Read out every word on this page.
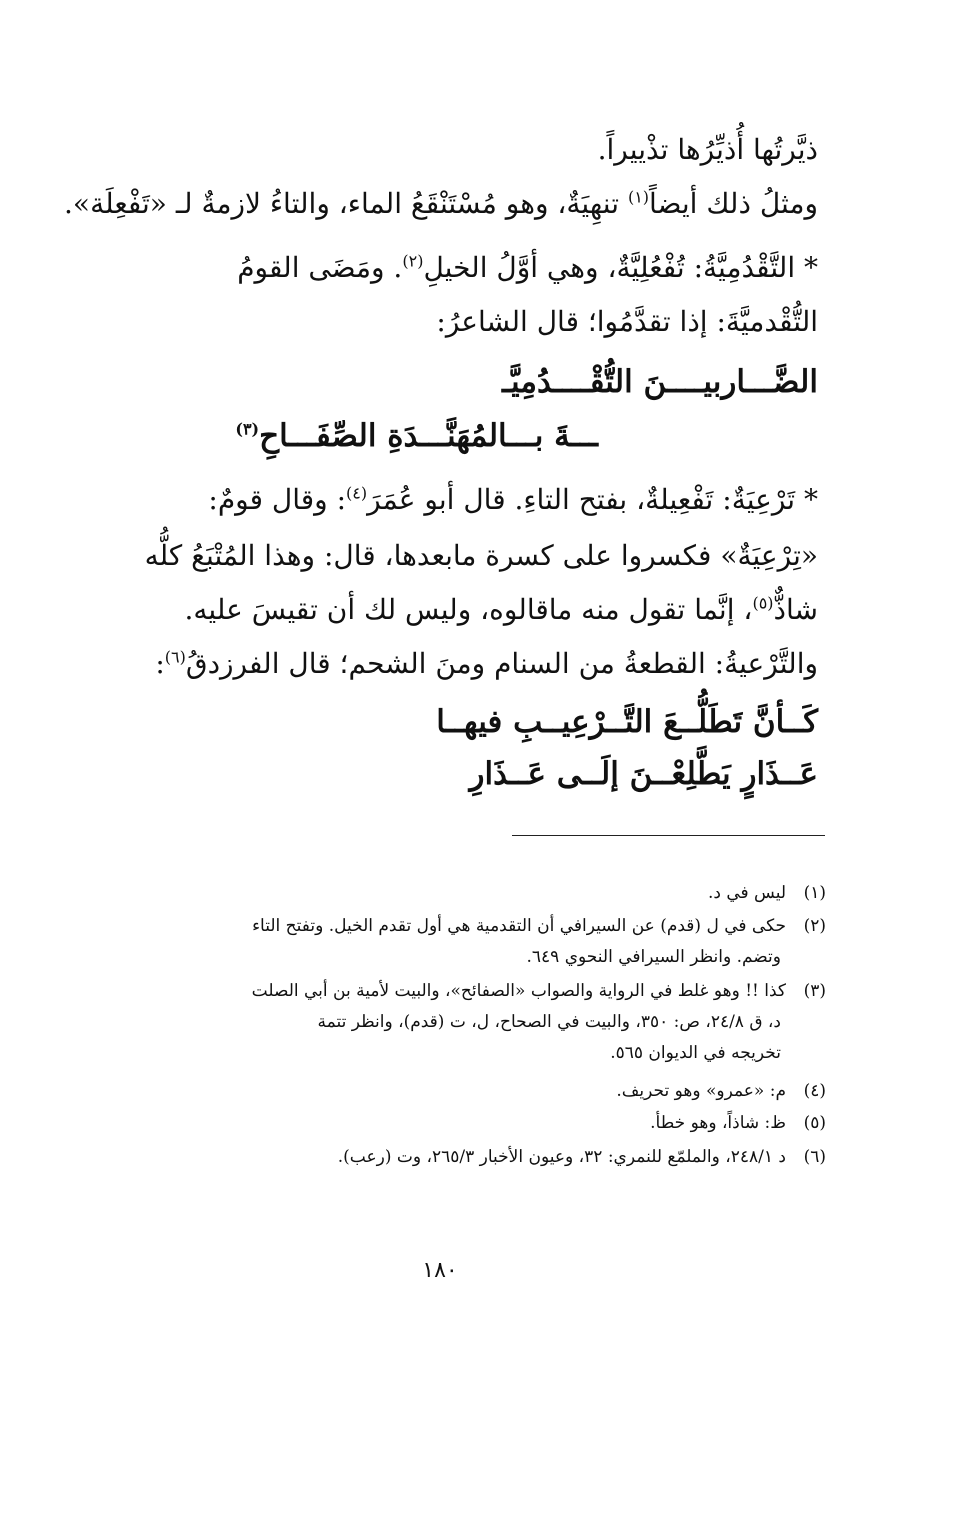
ذيَّرتُها أُذيِّرُها تذْييراً.
ومثلُ ذلك أيضاً$^{(١)}$ تنهِيَةٌ، وهو مُسْتَنْقَعُ الماء، والتاءُ لازمةٌ لـ «تَفْعِلَة».
* التَّقْدُمِيَّةُ: تُفْعُلِيَّةٌ، وهي أوَّلُ الخيلِ$^{(٢)}$. ومَضَى القومُ
التُّقْدميَّةَ: إذا تقدَّمُوا؛ قال الشاعرُ:
الضَّـــاربيــــنَ التُّقْــــدُمِيَّـ
ـــةَ بـــالمُهَنَّـــدَةِ الصِّفَـــاحِ$^{(٣)}$
* تَرْعِيَةٌ: تَفْعِيلةٌ، بفتح التاءِ. قال أبو عُمَرَ$^{(٤)}$: وقال قومٌ:
«تِرْعِيَةٌ» فكسروا على كسرة مابعدها، قال: وهذا المُتْبَعُ كلُّه
شاذٌّ$^{(٥)}$، إنَّما تقول منه ماقالوه، وليس لك أن تقيسَ عليه.
والتَّرْعيةُ: القطعةُ من السنام ومنَ الشحم؛ قال الفرزدقُ$^{(٦)}$:
كَــأنَّ تَطَلُّــعَ التَّــرْعِيــبِ فيهــا
عَــذَارٍ يَطَّلِعْــنَ إلَــى عَــذَارِ
(١)ليس في د.
(٢)حكى في ل (قدم) عن السيرافي أن التقدمية هي أول تقدم الخيل. وتفتح التاء
وتضم. وانظر السيرافي النحوي ٦٤٩.
(٣)كذا !! وهو غلط في الرواية والصواب «الصفائح»، والبيت لأمية بن أبي الصلت
د، ق ٢٤/٨، ص: ٣٥٠، والبيت في الصحاح، ل، ت (قدم)، وانظر تتمة
تخريجه في الديوان ٥٦٥.
(٤)م: «عمرو» وهو تحريف.
(٥)ظ: شاذاً، وهو خطأ.
(٦)د ٢٤٨/١، والملمّع للنمري: ٣٢، وعيون الأخبار ٢٦٥/٣، وت (رعب).
١٨٠
